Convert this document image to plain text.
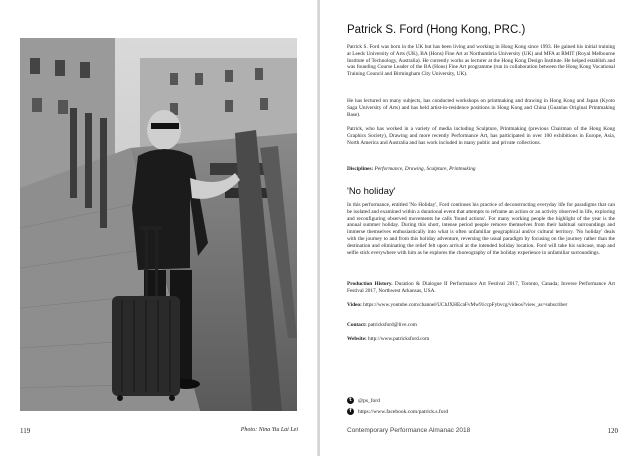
119	Photo: Nina Yiu Lai Lei
Patrick S. Ford (Hong Kong, PRC.)

Patrick S. Ford was born in the UK but has been living and working in Hong Kong since 1993. He gained his initial training at Leeds University of Arts (UK), BA (Hons) Fine Art at Northumbria University (UK) and MFA at RMIT (Royal Melbourne Institute of Technology, Australia). He currently works as lecturer at the Hong Kong Design Institute. He helped establish and was founding Course Leader of the BA (Hons) Fine Art programme (run in collaboration between the Hong Kong Vocational Training Council and Birmingham City University, UK).

He has lectured on many subjects, has conducted workshops on printmaking and drawing in Hong Kong and Japan (Kyoto Saga University of Arts) and has held artist-in-residence positions in Hong Kong and China (Guanlan Original Printmaking Base).

Patrick, who has worked in a variety of media including Sculpture, Printmaking (previous Chairman of the Hong Kong Graphics Society), Drawing and more recently Performance Art, has participated in over 100 exhibitions in Europe, Asia, North America and Australia and has work included in many public and private collections.

Disciplines: Performance, Drawing, Sculpture, Printmaking

'No holiday'

In this performance, entitled 'No Holiday', Ford continues his practice of deconstructing everyday life for paradigms that can be isolated and examined within a durational event that attempts to reframe an action or an activity observed in life, exploring and reconfiguring observed movements he calls 'found actions'. For many working people the highlight of the year is the annual summer holiday. During this short, intense period people remove themselves from their habitual surroundings and immerse themselves enthusiastically into what is often unfamiliar geographical and/or cultural territory. 'No holiday' deals with the journey to and from this holiday adventure, reversing the usual paradigm by focusing on the journey rather than the destination and eliminating the relief felt upon arrival at the intended holiday location. Ford will take his suitcase, map and selfie stick everywhere with him as he explores the choreography of the holiday experience in unfamiliar surroundings.

Production History. Duration & Dialogue II Performance Art Festival 2017, Toronto, Canada; Inverse Performance Art Festival 2017, Northwest Arkansas, USA.

Video: https://www.youtube.com/channel/UChJXHEcaFvMw91ccpFybvcg/videos?view_as=subscriber

Contact: patricksford@live.com

Website: http://www.patricksford.com

t	@ps_ford
f	https://www.facebook.com/patrick.s.ford
Contemporary Performance Almanac 2018	120
